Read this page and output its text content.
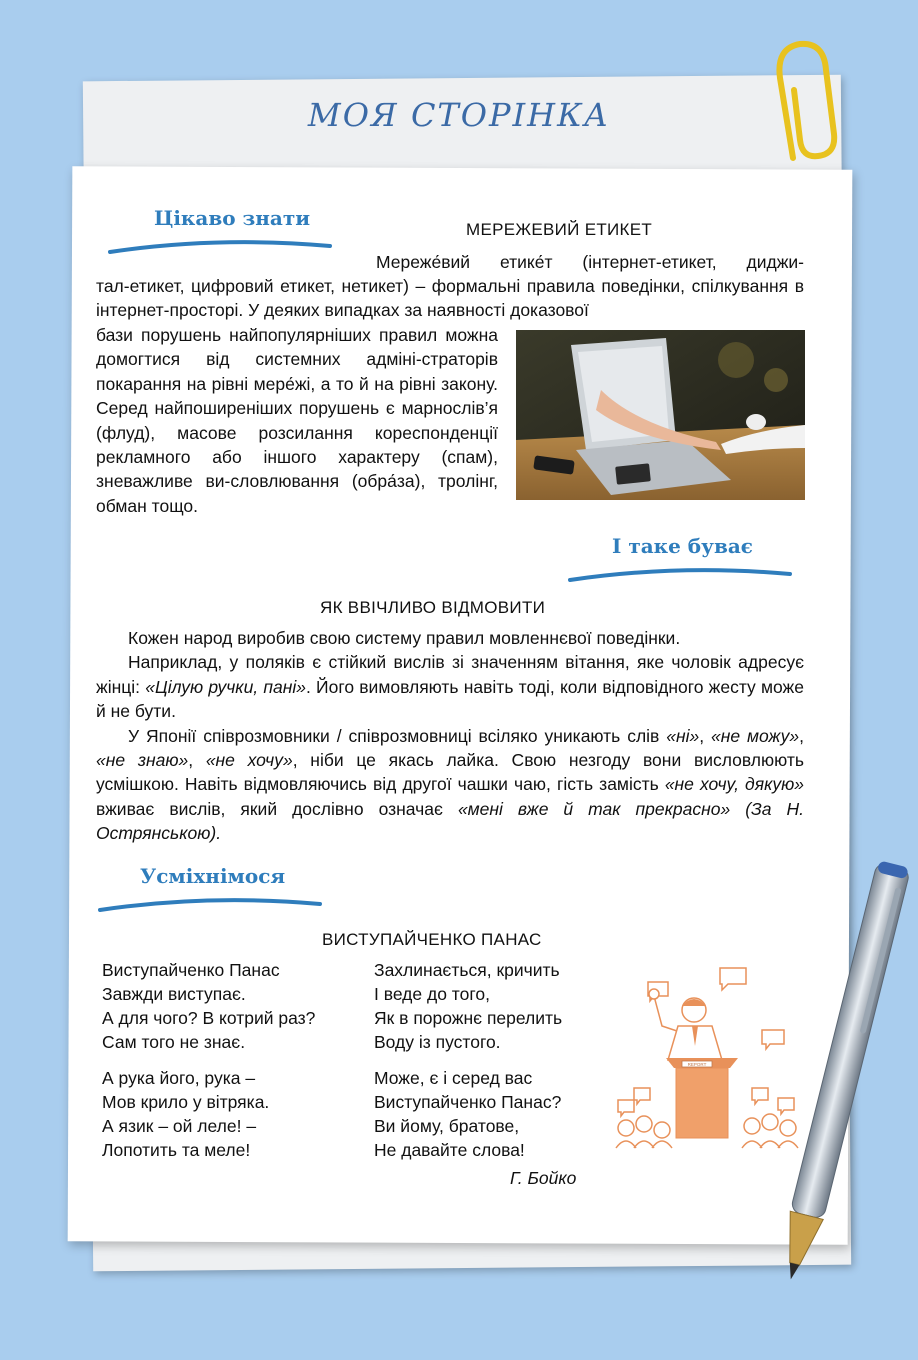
МОЯ СТОРІНКА
Цікаво знати	МЕРЕЖЕВИЙ ЕТИКЕТ
Мереже́вий етике́т (інтернет-етикет, диджи-
тал-етикет, цифровий етикет, нетикет) – формальні правила поведінки, спілкування в інтернет-просторі. У деяких випадках за наявності доказової
бази порушень найпопулярніших правил можна домогтися від системних адміні-страторів покарання на рівні мере́жі, а то й на рівні закону. Серед найпоширеніших порушень є марнослів’я (флуд), масове розсилання кореспонденції рекламного або іншого характеру (спам), зневажливе ви-словлювання (обра́за), тролінг, обман тощо.
І таке буває
ЯК ВВІЧЛИВО ВІДМОВИТИ

Кожен народ виробив свою систему правил мовленнєвої поведінки.

Наприклад, у поляків є стійкий вислів зі значенням вітання, яке чоловік адресує жінці: «Цілую ручки, пані». Його вимовляють навіть тоді, коли відповідного жесту може й не бути.

У Японії співрозмовники / співрозмовниці всіляко уникають слів «ні», «не можу», «не знаю», «не хочу», ніби це якась лайка. Свою незгоду вони висловлюють усмішкою. Навіть відмовляючись від другої чашки чаю, гість замість «не хочу, дякую» вживає вислів, який дослівно означає «мені вже й так прекрасно» (За Н. Острянською).

Усміхнімося
ВИСТУПАЙЧЕНКО ПАНАС
Виступайченко Панас
Завжди виступає.
А для чого? В котрий раз?
Сам того не знає.
А рука його, рука –
Мов крило у вітряка.
А язик – ой леле! –
Лопотить та меле!
Захлинається, кричить
І веде до того,
Як в порожнє перелить
Воду із пустого.
Може, є і серед вас
Виступайченко Панас?
Ви йому, братове,
Не давайте слова!
Г. Бойко
REPORT
